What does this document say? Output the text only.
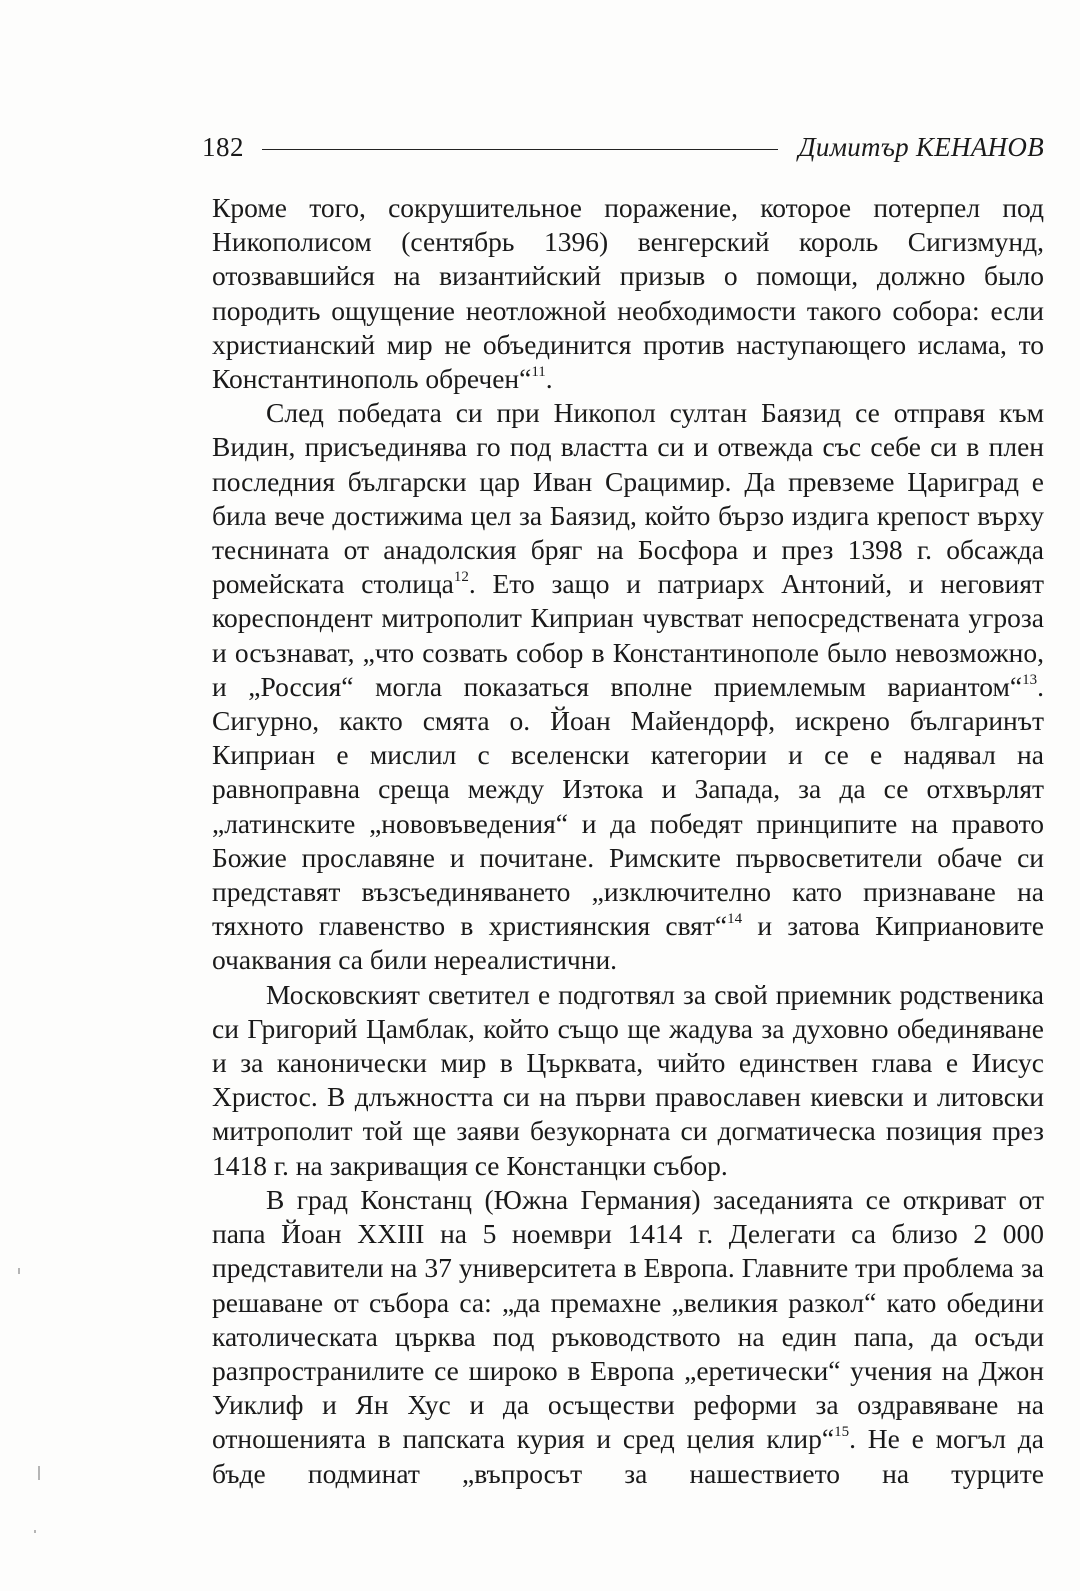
182	Димитър КЕНАНОВ

Кроме того, сокрушительное поражение, которое потерпел под Никополисом (сентябрь 1396) венгерский король Сигизмунд, отозвавшийся на византийский призыв о помощи, должно было породить ощущение неотложной необходимости такого собора: если христианский мир не объединится против наступающего ислама, то Константинополь обречен“$^{11}$.

След победата си при Никопол султан Баязид се отправя към Видин, присъединява го под властта си и отвежда със себе си в плен последния български цар Иван Срацимир. Да превземе Цариград е била вече достижима цел за Баязид, който бързо издига крепост върху теснината от анадолския бряг на Босфора и през 1398 г. обсажда ромейската столица$^{12}$. Ето защо и патриарх Антоний, и неговият кореспондент митрополит Киприан чувстват непосредствената угроза и осъзнават, „что созвать собор в Константинополе было невозможно, и „Россия“ могла показаться вполне приемлемым вариантом“$^{13}$. Сигурно, както смята о. Йоан Майендорф, искрено българинът Киприан е мислил с вселенски категории и се е надявал на равноправна среща между Изтока и Запада, за да се отхвърлят „латинските „нововъведения“ и да победят принципите на правото Божие прославяне и почитане. Римските първосветители обаче си представят възсъединяването „изключително като признаване на тяхното главенство в християнския свят“$^{14}$ и затова Киприановите очаквания са били нереалистични.

Московският светител е подготвял за свой приемник родственика си Григорий Цамблак, който също ще жадува за духовно обединяване и за канонически мир в Църквата, чийто единствен глава е Иисус Христос. В длъжността си на първи православен киевски и литовски митрополит той ще заяви безукорната си догматическа позиция през 1418 г. на закриващия се Констанцки събор.

В град Констанц (Южна Германия) заседанията се откриват от папа Йоан XXIII на 5 ноември 1414 г. Делегати са близо 2 000 представители на 37 университета в Европа. Главните три проблема за решаване от събора са: „да премахне „великия разкол“ като обедини католическата църква под ръководството на един папа, да осъди разпространилите се широко в Европа „еретически“ учения на Джон Уиклиф и Ян Хус и да осъществи реформи за оздравяване на отношенията в папската курия и сред целия клир“$^{15}$. Не е могъл да бъде подминат „въпросът за нашествието на турците
